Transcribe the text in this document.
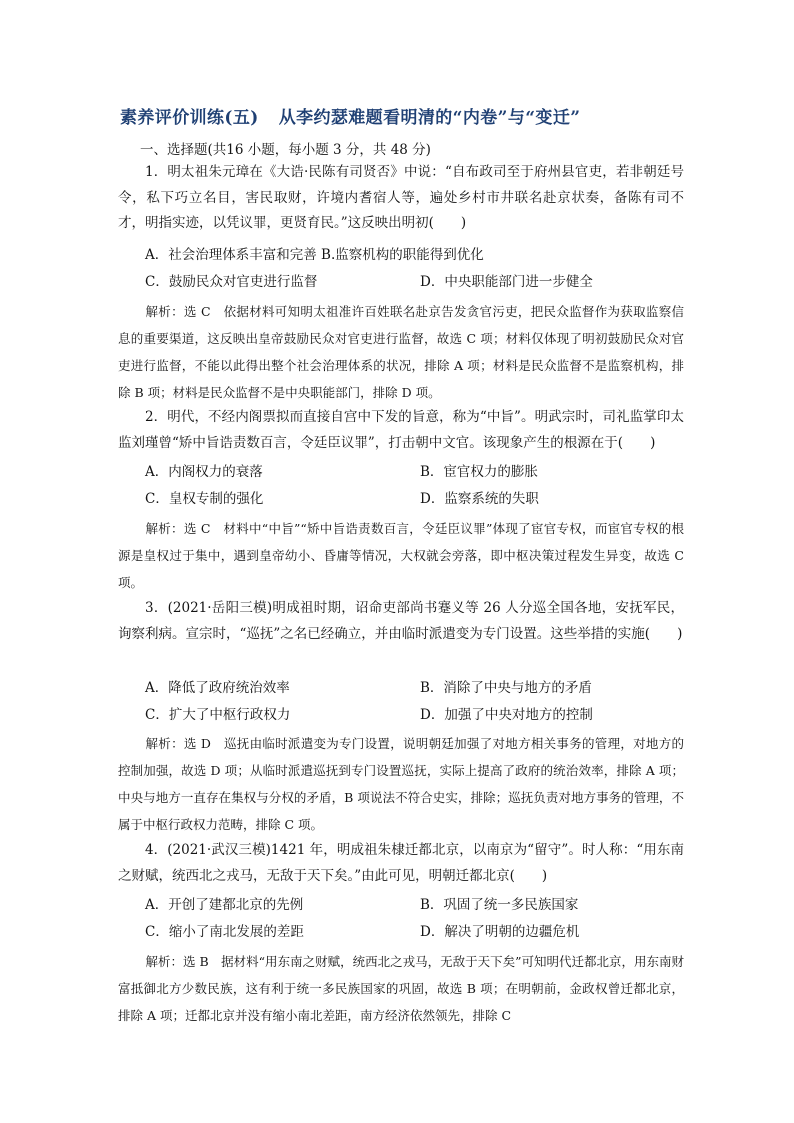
素养评价训练(五) 从李约瑟难题看明清的“内卷”与“变迁”
一、选择题(共16 小题，每小题 3 分，共 48 分)
1．明太祖朱元璋在《大诰·民陈有司贤否》中说：“自布政司至于府州县官吏，若非朝廷号令，私下巧立名目，害民取财，许境内耆宿人等，遍处乡村市井联名赴京状奏，备陈有司不才，明指实迹，以凭议罪，更贤育民。”这反映出明初(　　)
A．社会治理体系丰富和完善 B.监察机构的职能得到优化
C．鼓励民众对官吏进行监督	D．中央职能部门进一步健全
解析：选 C　依据材料可知明太祖准许百姓联名赴京告发贪官污吏，把民众监督作为获取监察信息的重要渠道，这反映出皇帝鼓励民众对官吏进行监督，故选 C 项；材料仅体现了明初鼓励民众对官吏进行监督，不能以此得出整个社会治理体系的状况，排除 A 项；材料是民众监督不是监察机构，排除 B 项；材料是民众监督不是中央职能部门，排除 D 项。
2．明代，不经内阁票拟而直接自宫中下发的旨意，称为“中旨”。明武宗时，司礼监掌印太监刘瑾曾“矫中旨诰责数百言，令廷臣议罪”，打击朝中文官。该现象产生的根源在于(　　)
A．内阁权力的衰落	B．宦官权力的膨胀
C．皇权专制的强化	D．监察系统的失职
解析：选 C　材料中“中旨”“矫中旨诰责数百言，令廷臣议罪”体现了宦官专权，而宦官专权的根源是皇权过于集中，遇到皇帝幼小、昏庸等情况，大权就会旁落，即中枢决策过程发生异变，故选 C 项。
3．(2021·岳阳三模)明成祖时期，诏命吏部尚书蹇义等 26 人分巡全国各地，安抚军民，询察利病。宣宗时，“巡抚”之名已经确立，并由临时派遣变为专门设置。这些举措的实施(　　)
A．降低了政府统治效率	B．消除了中央与地方的矛盾
C．扩大了中枢行政权力	D．加强了中央对地方的控制
解析：选 D　巡抚由临时派遣变为专门设置，说明朝廷加强了对地方相关事务的管理，对地方的控制加强，故选 D 项；从临时派遣巡抚到专门设置巡抚，实际上提高了政府的统治效率，排除 A 项；中央与地方一直存在集权与分权的矛盾，B 项说法不符合史实，排除；巡抚负责对地方事务的管理，不属于中枢行政权力范畴，排除 C 项。
4．(2021·武汉三模)1421 年，明成祖朱棣迁都北京，以南京为“留守”。时人称：“用东南之财赋，统西北之戎马，无敌于天下矣。”由此可见，明朝迁都北京(　　)
A．开创了建都北京的先例	B．巩固了统一多民族国家
C．缩小了南北发展的差距	D．解决了明朝的边疆危机
解析：选 B　据材料“用东南之财赋，统西北之戎马，无敌于天下矣”可知明代迁都北京，用东南财富抵御北方少数民族，这有利于统一多民族国家的巩固，故选 B 项；在明朝前，金政权曾迁都北京，排除 A 项；迁都北京并没有缩小南北差距，南方经济依然领先，排除 C
